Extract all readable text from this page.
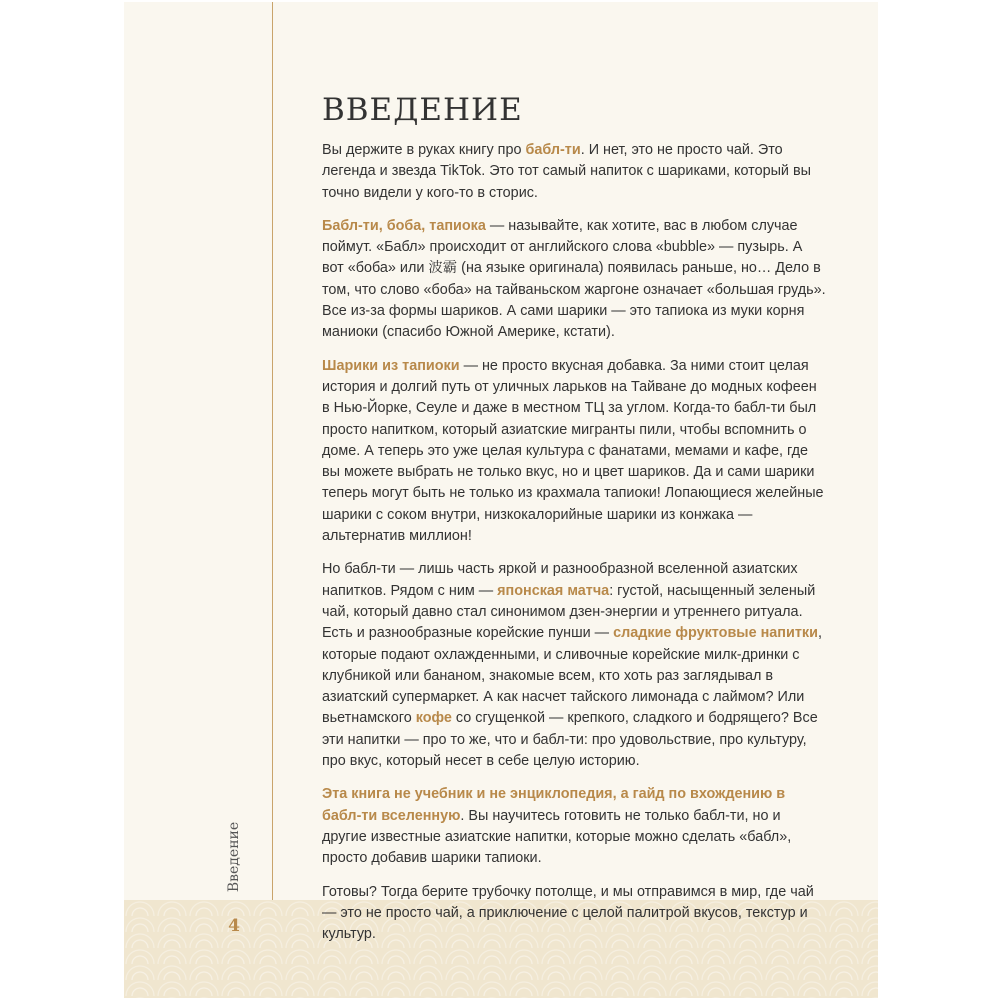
Введение
4
ВВЕДЕНИЕ

Вы держите в руках книгу про бабл-ти. И нет, это не просто чай. Это легенда и звезда TikTok. Это тот самый напиток с шариками, который вы точно видели у кого-то в сторис.

Бабл-ти, боба, тапиока — называйте, как хотите, вас в любом случае поймут. «Бабл» происходит от английского слова «bubble» — пузырь. А вот «боба» или 波霸 (на языке оригинала) появилась раньше, но… Дело в том, что слово «боба» на тайваньском жаргоне означает «большая грудь». Все из-за формы шариков. А сами шарики — это тапиока из муки корня маниоки (спасибо Южной Америке, кстати).

Шарики из тапиоки — не просто вкусная добавка. За ними стоит целая история и долгий путь от уличных ларьков на Тайване до модных кофеен в Нью-Йорке, Сеуле и даже в местном ТЦ за углом. Когда-то бабл-ти был просто напитком, который азиатские мигранты пили, чтобы вспомнить о доме. А теперь это уже целая культура с фанатами, мемами и кафе, где вы можете выбрать не только вкус, но и цвет шариков. Да и сами шарики теперь могут быть не только из крахмала тапиоки! Лопающиеся желейные шарики с соком внутри, низкокалорийные шарики из конжака — альтернатив миллион!

Но бабл-ти — лишь часть яркой и разнообразной вселенной азиатских напитков. Рядом с ним — японская матча: густой, насыщенный зеленый чай, который давно стал синонимом дзен-энергии и утреннего ритуала. Есть и разнообразные корейские пунши — сладкие фруктовые напитки, которые подают охлажденными, и сливочные корейские милк-дринки с клубникой или бананом, знакомые всем, кто хоть раз заглядывал в азиатский супермаркет. А как насчет тайского лимонада с лаймом? Или вьетнамского кофе со сгущенкой — крепкого, сладкого и бодрящего? Все эти напитки — про то же, что и бабл-ти: про удовольствие, про культуру, про вкус, который несет в себе целую историю.

Эта книга не учебник и не энциклопедия, а гайд по вхождению в бабл-ти вселенную. Вы научитесь готовить не только бабл-ти, но и другие известные азиатские напитки, которые можно сделать «бабл», просто добавив шарики тапиоки.

Готовы? Тогда берите трубочку потолще, и мы отправимся в мир, где чай — это не просто чай, а приключение с целой палитрой вкусов, текстур и культур.
